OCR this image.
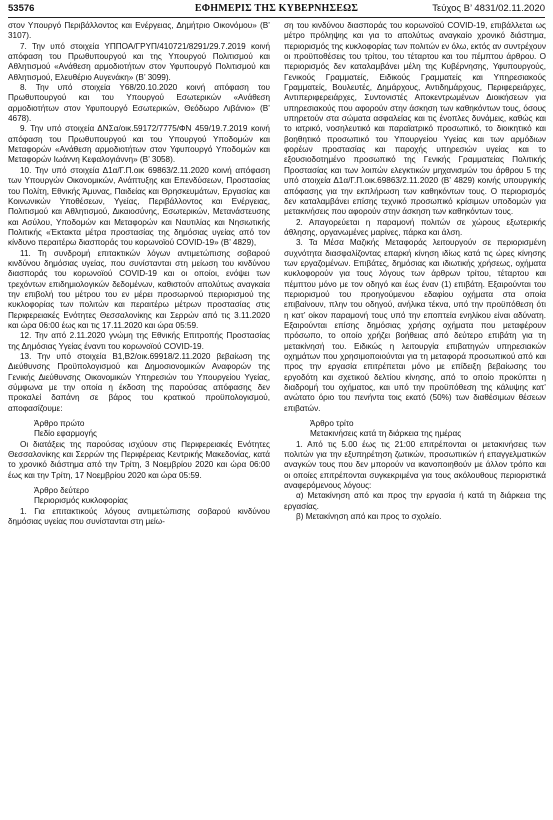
ΕΦΗΜΕΡΙΣ ΤΗΣ ΚΥΒΕΡΝΗΣΕΩΣ
53576	Τεύχος Β’ 4831/02.11.2020

στον Υπουργό Περιβάλλοντος και Ενέργειας, Δημήτριο Οικονόμου» (Β’ 3107).

7. Την υπό στοιχεία ΥΠΠΟΑ/ΓΡΥΠ/410721/8291/29.7.2019 κοινή απόφαση του Πρωθυπουργού και της Υπουργού Πολιτισμού και Αθλητισμού «Ανάθεση αρμοδιοτήτων στον Υφυπουργό Πολιτισμού και Αθλητισμού, Ελευθέριο Αυγενάκη» (Β’ 3099).

8. Την υπό στοιχεία Υ68/20.10.2020 κοινή απόφαση του Πρωθυπουργού και του Υπουργού Εσωτερικών «Ανάθεση αρμοδιοτήτων στον Υφυπουργό Εσωτερικών, Θεόδωρο Λιβάνιο» (Β’ 4678).

9. Την υπό στοιχεία ΔΝΣα/οικ.59172/7775/ΦΝ 459/19.7.2019 κοινή απόφαση του Πρωθυπουργού και του Υπουργού Υποδομών και Μεταφορών «Ανάθεση αρμοδιοτήτων στον Υφυπουργό Υποδομών και Μεταφορών Ιωάννη Κεφαλογιάννη» (Β’ 3058).

10. Την υπό στοιχεία Δ1α/Γ.Π.οικ 69863/2.11.2020 κοινή απόφαση των Υπουργών Οικονομικών, Ανάπτυξης και Επενδύσεων, Προστασίας του Πολίτη, Εθνικής Άμυνας, Παιδείας και Θρησκευμάτων, Εργασίας και Κοινωνικών Υποθέσεων, Υγείας, Περιβάλλοντος και Ενέργειας, Πολιτισμού και Αθλητισμού, Δικαιοσύνης, Εσωτερικών, Μετανάστευσης και Ασύλου, Υποδομών και Μεταφορών και Ναυτιλίας και Νησιωτικής Πολιτικής «Έκτακτα μέτρα προστασίας της δημόσιας υγείας από τον κίνδυνο περαιτέρω διασποράς του κορωνοϊού COVID-19» (Β’ 4829),

11. Τη συνδρομή επιτακτικών λόγων αντιμετώπισης σοβαρού κινδύνου δημόσιας υγείας, που συνίστανται στη μείωση του κινδύνου διασποράς του κορωνοϊού COVID-19 και οι οποίοι, ενόψει των τρεχόντων επιδημιολογικών δεδομένων, καθιστούν απολύτως αναγκαία την επιβολή του μέτρου του εν μέρει προσωρινού περιορισμού της κυκλοφορίας των πολιτών και περαιτέρω μέτρων προστασίας στις Περιφερειακές Ενότητες Θεσσαλονίκης και Σερρών από τις 3.11.2020 και ώρα 06:00 έως και τις 17.11.2020 και ώρα 05:59.

12. Την από 2.11.2020 γνώμη της Εθνικής Επιτροπής Προστασίας της Δημόσιας Υγείας έναντι του κορωνοϊού COVID-19.

13. Την υπό στοιχεία Β1,Β2/οικ.69918/2.11.2020 βεβαίωση της Διεύθυνσης Προϋπολογισμού και Δημοσιονομικών Αναφορών της Γενικής Διεύθυνσης Οικονομικών Υπηρεσιών του Υπουργείου Υγείας, σύμφωνα με την οποία η έκδοση της παρούσας απόφασης δεν προκαλεί δαπάνη σε βάρος του κρατικού προϋπολογισμού, αποφασίζουμε:

Άρθρο πρώτο

Πεδίο εφαρμογής

Οι διατάξεις της παρούσας ισχύουν στις Περιφερειακές Ενότητες Θεσσαλονίκης και Σερρών της Περιφέρειας Κεντρικής Μακεδονίας, κατά το χρονικό διάστημα από την Τρίτη, 3 Νοεμβρίου 2020 και ώρα 06:00 έως και την Τρίτη, 17 Νοεμβρίου 2020 και ώρα 05:59.

Άρθρο δεύτερο

Περιορισμός κυκλοφορίας

1. Για επιτακτικούς λόγους αντιμετώπισης σοβαρού κινδύνου δημόσιας υγείας που συνίστανται στη μείω-

ση του κινδύνου διασποράς του κορωνοϊού COVID-19, επιβάλλεται ως μέτρο πρόληψης και για το απολύτως αναγκαίο χρονικό διάστημα, περιορισμός της κυκλοφορίας των πολιτών εν όλω, εκτός αν συντρέχουν οι προϋποθέσεις του τρίτου, του τέταρτου και του πέμπτου άρθρου. Ο περιορισμός δεν καταλαμβάνει μέλη της Κυβέρνησης, Υφυπουργούς, Γενικούς Γραμματείς, Ειδικούς Γραμματείς και Υπηρεσιακούς Γραμματείς, Βουλευτές, Δημάρχους, Αντιδημάρχους, Περιφερειάρχες, Αντιπεριφερειάρχες, Συντονιστές Αποκεντρωμένων Διοικήσεων για υπηρεσιακούς που αφορούν στην άσκηση των καθηκόντων τους, όσους υπηρετούν στα σώματα ασφαλείας και τις ένοπλες δυνάμεις, καθώς και το ιατρικό, νοσηλευτικό και παραϊατρικό προσωπικό, το διοικητικό και βοηθητικό προσωπικό του Υπουργείου Υγείας και των αρμόδιων φορέων προστασίας και παροχής υπηρεσιών υγείας και το εξουσιοδοτημένο προσωπικό της Γενικής Γραμματείας Πολιτικής Προστασίας και των λοιπών ελεγκτικών μηχανισμών του άρθρου 5 της υπό στοιχεία Δ1α/Γ.Π.οικ.69863/2.11.2020 (Β’ 4829) κοινής υπουργικής απόφασης για την εκπλήρωση των καθηκόντων τους. Ο περιορισμός δεν καταλαμβάνει επίσης τεχνικό προσωπικό κρίσιμων υποδομών για μετακινήσεις που αφορούν στην άσκηση των καθηκόντων τους.

2. Απαγορεύεται η παραμονή πολιτών σε χώρους εξωτερικής άθλησης, οργανωμένες μαρίνες, πάρκα και άλση.

3. Τα Μέσα Μαζικής Μεταφοράς λειτουργούν σε περιορισμένη συχνότητα διασφαλίζοντας επαρκή κίνηση ιδίως κατά τις ώρες κίνησης των εργαζομένων. Επιβάτες, δημόσιας και ιδιωτικής χρήσεως, οχήματα κυκλοφορούν για τους λόγους των άρθρων τρίτου, τέταρτου και πέμπτου μόνο με τον οδηγό και έως έναν (1) επιβάτη. Εξαιρούνται του περιορισμού του προηγούμενου εδαφίου οχήματα στα οποία επιβαίνουν, πλην του οδηγού, ανήλικα τέκνα, υπό την προϋπόθεση ότι η κατ’ οίκον παραμονή τους υπό την εποπτεία ενηλίκου είναι αδύνατη. Εξαιρούνται επίσης δημόσιας χρήσης οχήματα που μεταφέρουν πρόσωπο, το οποίο χρήζει βοήθειας από δεύτερο επιβάτη για τη μετακίνησή του. Ειδικώς η λειτουργία επιβατηγών υπηρεσιακών οχημάτων που χρησιμοποιούνται για τη μεταφορά προσωπικού από και προς την εργασία επιτρέπεται μόνο με επίδειξη βεβαίωσης του εργοδότη και σχετικού δελτίου κίνησης, από το οποίο προκύπτει η διαδρομή του οχήματος, και υπό την προϋπόθεση της κάλυψης κατ’ ανώτατο όριο του πενήντα τοις εκατό (50%) των διαθέσιμων θέσεων επιβατών.

Άρθρο τρίτο

Μετακινήσεις κατά τη διάρκεια της ημέρας

1. Από τις 5.00 έως τις 21:00 επιτρέπονται οι μετακινήσεις των πολιτών για την εξυπηρέτηση ζωτικών, προσωπικών ή επαγγελματικών αναγκών τους που δεν μπορούν να ικανοποιηθούν με άλλον τρόπο και οι οποίες επιτρέπονται συγκεκριμένα για τους ακόλουθους περιοριστικά αναφερόμενους λόγους:

α) Μετακίνηση από και προς την εργασία ή κατά τη διάρκεια της εργασίας.

β) Μετακίνηση από και προς το σχολείο.
